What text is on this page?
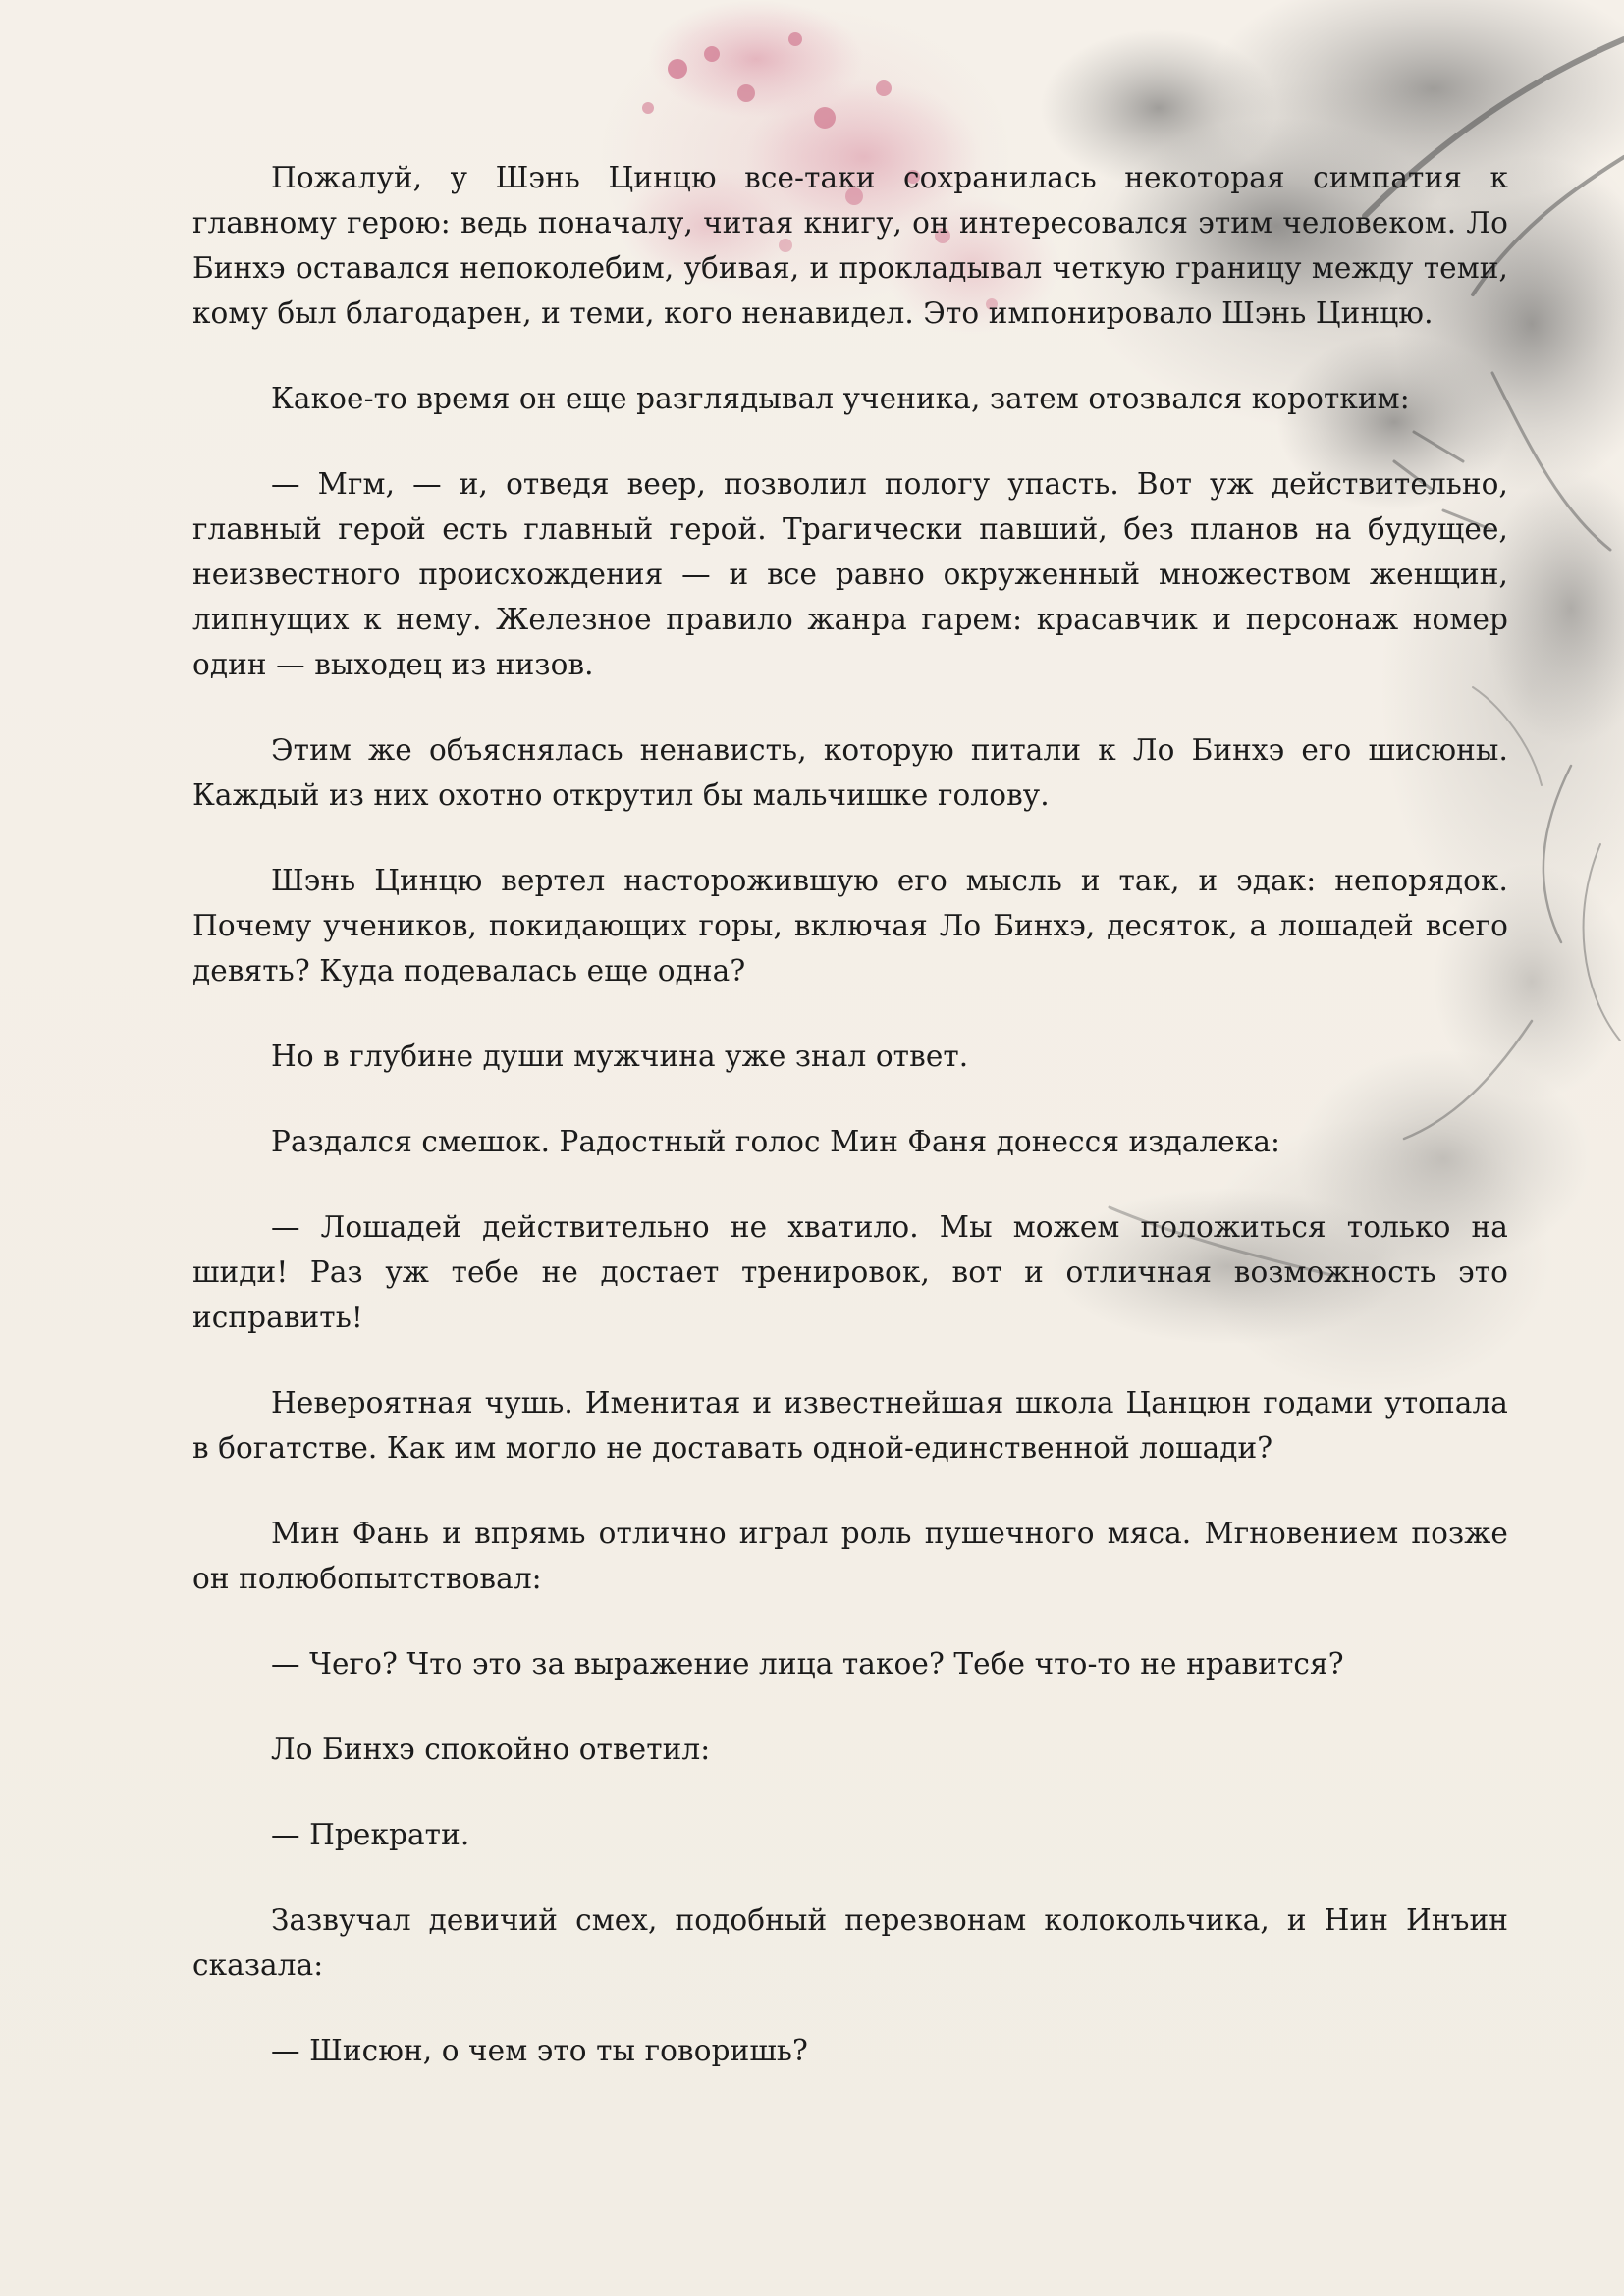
Пожалуй, у Шэнь Цинцю все-таки сохранилась некоторая симпатия к главному герою: ведь поначалу, читая книгу, он интересовался этим человеком. Ло Бинхэ оставался непоколебим, убивая, и прокладывал четкую границу между теми, кому был благодарен, и теми, кого ненавидел. Это импонировало Шэнь Цинцю.

Какое-то время он еще разглядывал ученика, затем отозвался коротким:

— Мгм, — и, отведя веер, позволил пологу упасть. Вот уж действительно, главный герой есть главный герой. Трагически павший, без планов на будущее, неизвестного происхождения — и все равно окруженный множеством женщин, липнущих к нему. Железное правило жанра гарем: красавчик и персонаж номер один — выходец из низов.

Этим же объяснялась ненависть, которую питали к Ло Бинхэ его шисюны. Каждый из них охотно открутил бы мальчишке голову.

Шэнь Цинцю вертел насторожившую его мысль и так, и эдак: непорядок. Почему учеников, покидающих горы, включая Ло Бинхэ, десяток, а лошадей всего девять? Куда подевалась еще одна?

Но в глубине души мужчина уже знал ответ.

Раздался смешок. Радостный голос Мин Фаня донесся издалека:

— Лошадей действительно не хватило. Мы можем положиться только на шиди! Раз уж тебе не достает тренировок, вот и отличная возможность это исправить!

Невероятная чушь. Именитая и известнейшая школа Цанцюн годами утопала в богатстве. Как им могло не доставать одной-единственной лошади?

Мин Фань и впрямь отлично играл роль пушечного мяса. Мгновением позже он полюбопытствовал:

— Чего? Что это за выражение лица такое? Тебе что-то не нравится?

Ло Бинхэ спокойно ответил:

— Прекрати.

Зазвучал девичий смех, подобный перезвонам колокольчика, и Нин Инъин сказала:

— Шисюн, о чем это ты говоришь?
